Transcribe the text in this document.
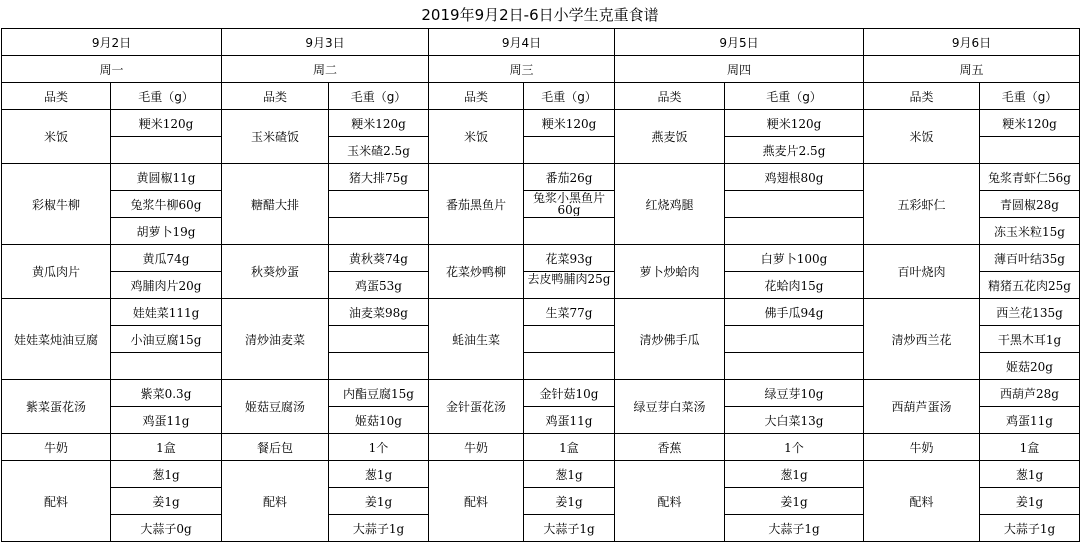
2019年9月2日-6日小学生克重食谱
9月2日		9月3日		9月4日		9月5日		9月6日	
周一		周二		周三		周四		周五	
品类	毛重（g）	品类	毛重（g）	品类	毛重（g）	品类	毛重（g）	品类	毛重（g）
米饭	粳米120g	玉米碴饭	粳米120g	米饭	粳米120g	燕麦饭	粳米120g	米饭	粳米120g
			玉米碴2.5g				燕麦片2.5g		
彩椒牛柳	黄圆椒11g	糖醋大排	猪大排75g	番茄黑鱼片	番茄26g	红烧鸡腿	鸡翅根80g	五彩虾仁	兔浆青虾仁56g
	兔浆牛柳60g				兔浆小黑鱼片60g				青圆椒28g
	胡萝卜19g								冻玉米粒15g
黄瓜肉片	黄瓜74g	秋葵炒蛋	黄秋葵74g	花菜炒鸭柳	花菜93g	萝卜炒蛤肉	白萝卜100g	百叶烧肉	薄百叶结35g
	鸡脯肉片20g		鸡蛋53g		去皮鸭脯肉25g		花蛤肉15g		精猪五花肉25g
娃娃菜炖油豆腐	娃娃菜111g	清炒油麦菜	油麦菜98g	蚝油生菜	生菜77g	清炒佛手瓜	佛手瓜94g	清炒西兰花	西兰花135g
	小油豆腐15g								干黑木耳1g
									姬菇20g
紫菜蛋花汤	紫菜0.3g	姬菇豆腐汤	内酯豆腐15g	金针蛋花汤	金针菇10g	绿豆芽白菜汤	绿豆芽10g	西葫芦蛋汤	西葫芦28g
	鸡蛋11g		姬菇10g		鸡蛋11g		大白菜13g		鸡蛋11g
牛奶	1盒	餐后包	1个	牛奶	1盒	香蕉	1个	牛奶	1盒
配料	葱1g	配料	葱1g	配料	葱1g	配料	葱1g	配料	葱1g
	姜1g		姜1g		姜1g		姜1g		姜1g
	大蒜子0g		大蒜子1g		大蒜子1g		大蒜子1g		大蒜子1g
